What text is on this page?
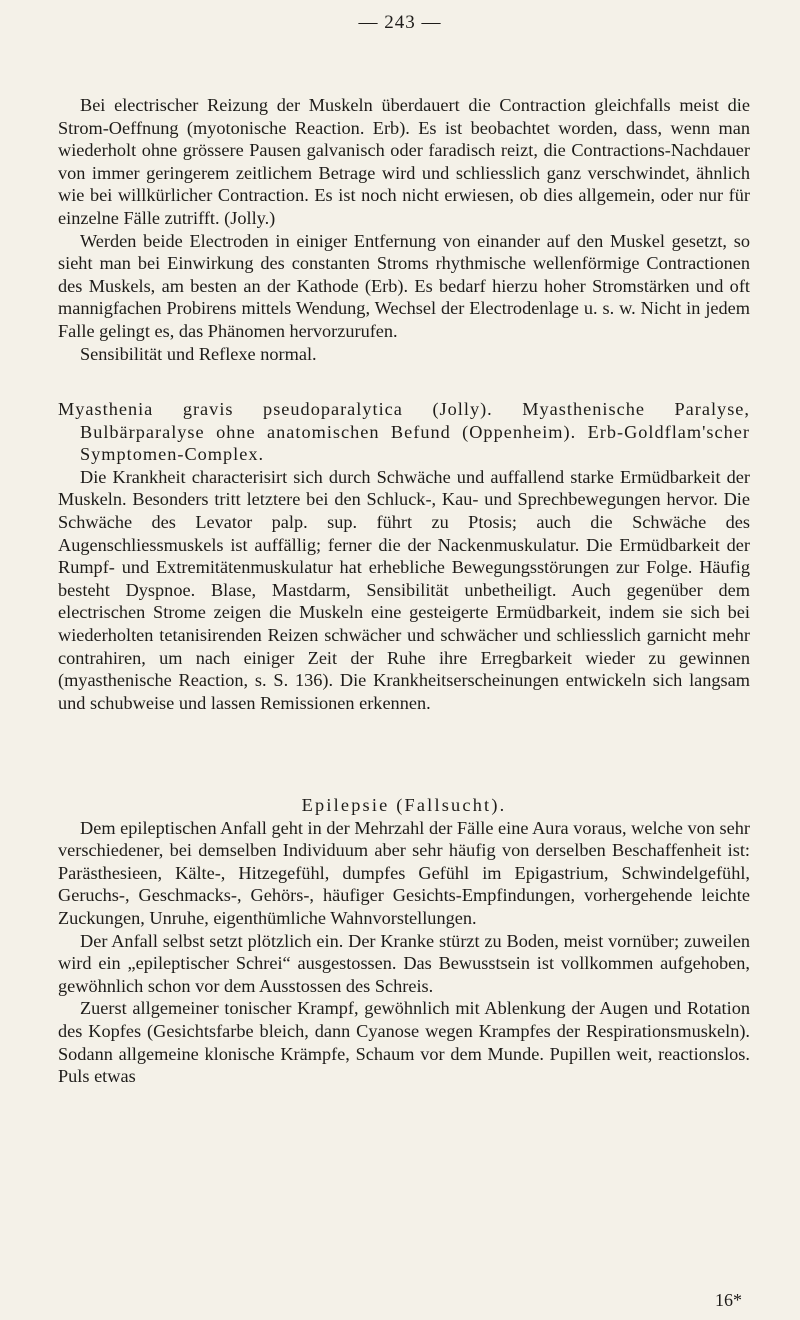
— 243 —

Bei electrischer Reizung der Muskeln überdauert die Contraction gleichfalls meist die Strom-Oeffnung (myotonische Reaction. Erb). Es ist beobachtet worden, dass, wenn man wiederholt ohne grössere Pausen galvanisch oder faradisch reizt, die Contractions-Nachdauer von immer geringerem zeitlichem Betrage wird und schliesslich ganz verschwindet, ähnlich wie bei willkürlicher Contraction. Es ist noch nicht erwiesen, ob dies allgemein, oder nur für einzelne Fälle zutrifft. (Jolly.)

Werden beide Electroden in einiger Entfernung von einander auf den Muskel gesetzt, so sieht man bei Einwirkung des constanten Stroms rhythmische wellenförmige Contractionen des Muskels, am besten an der Kathode (Erb). Es bedarf hierzu hoher Stromstärken und oft mannigfachen Probirens mittels Wendung, Wechsel der Electrodenlage u. s. w. Nicht in jedem Falle gelingt es, das Phänomen hervorzurufen.

Sensibilität und Reflexe normal.

Myasthenia gravis pseudoparalytica (Jolly). Myasthenische Paralyse, Bulbärparalyse ohne anatomischen Befund (Oppenheim). Erb-Goldflam'scher Symptomen-Complex.

Die Krankheit characterisirt sich durch Schwäche und auffallend starke Ermüdbarkeit der Muskeln. Besonders tritt letztere bei den Schluck-, Kau- und Sprechbewegungen hervor. Die Schwäche des Levator palp. sup. führt zu Ptosis; auch die Schwäche des Augenschliessmuskels ist auffällig; ferner die der Nackenmuskulatur. Die Ermüdbarkeit der Rumpf- und Extremitätenmuskulatur hat erhebliche Bewegungsstörungen zur Folge. Häufig besteht Dyspnoe. Blase, Mastdarm, Sensibilität unbetheiligt. Auch gegenüber dem electrischen Strome zeigen die Muskeln eine gesteigerte Ermüdbarkeit, indem sie sich bei wiederholten tetanisirenden Reizen schwächer und schwächer und schliesslich garnicht mehr contrahiren, um nach einiger Zeit der Ruhe ihre Erregbarkeit wieder zu gewinnen (myasthenische Reaction, s. S. 136). Die Krankheitserscheinungen entwickeln sich langsam und schubweise und lassen Remissionen erkennen.

Epilepsie (Fallsucht).

Dem epileptischen Anfall geht in der Mehrzahl der Fälle eine Aura voraus, welche von sehr verschiedener, bei demselben Individuum aber sehr häufig von derselben Beschaffenheit ist: Parästhesieen, Kälte-, Hitzegefühl, dumpfes Gefühl im Epigastrium, Schwindelgefühl, Geruchs-, Geschmacks-, Gehörs-, häufiger Gesichts-Empfindungen, vorhergehende leichte Zuckungen, Unruhe, eigenthümliche Wahnvorstellungen.

Der Anfall selbst setzt plötzlich ein. Der Kranke stürzt zu Boden, meist vornüber; zuweilen wird ein „epileptischer Schrei“ ausgestossen. Das Bewusstsein ist vollkommen aufgehoben, gewöhnlich schon vor dem Ausstossen des Schreis.

Zuerst allgemeiner tonischer Krampf, gewöhnlich mit Ablenkung der Augen und Rotation des Kopfes (Gesichtsfarbe bleich, dann Cyanose wegen Krampfes der Respirationsmuskeln). Sodann allgemeine klonische Krämpfe, Schaum vor dem Munde. Pupillen weit, reactionslos. Puls etwas

16*
